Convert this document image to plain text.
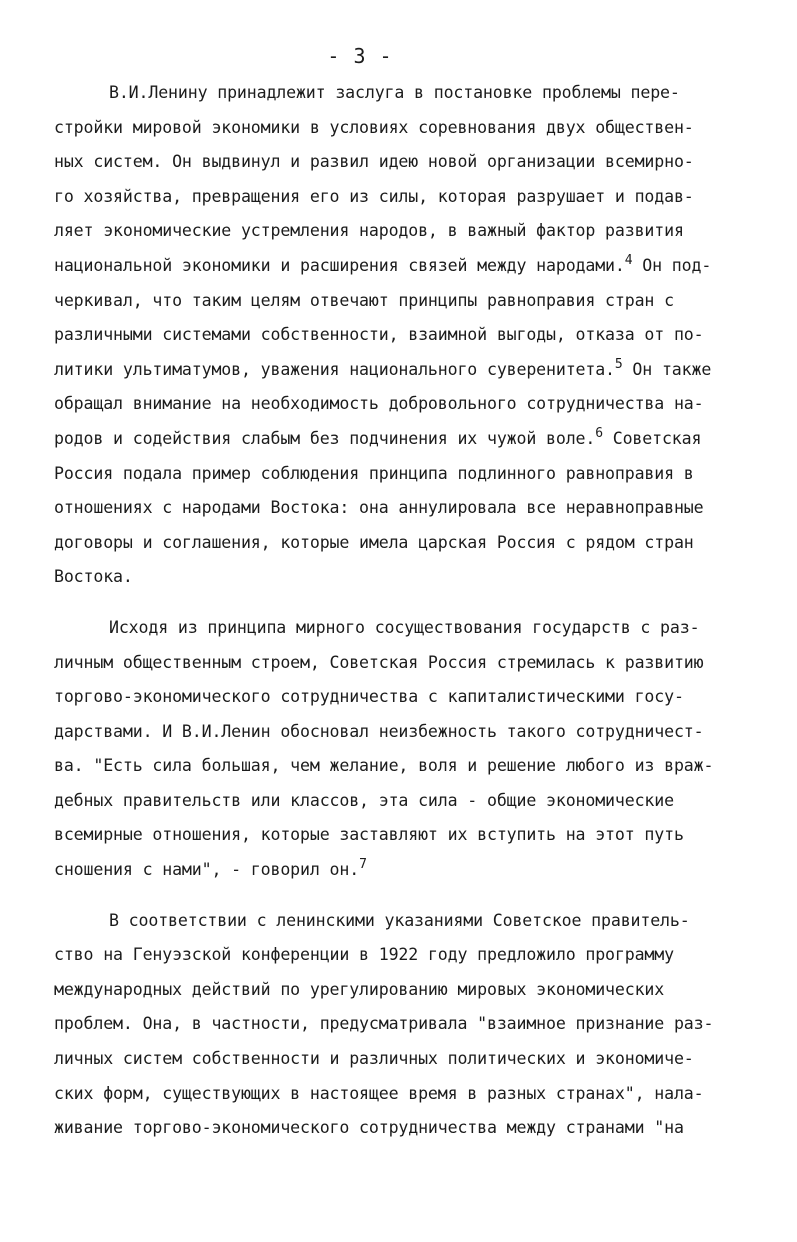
- 3 -
В.И.Ленину принадлежит заслуга в постановке проблемы пере-
стройки мировой экономики в условиях соревнования двух обществен-
ных систем. Он выдвинул и развил идею новой организации всемирно-
го хозяйства, превращения его из силы, которая разрушает и подав-
ляет экономические устремления народов, в важный фактор развития
национальной экономики и расширения связей между народами.$^4$ Он под-
черкивал, что таким целям отвечают принципы равноправия стран с
различными системами собственности, взаимной выгоды, отказа от по-
литики ультиматумов, уважения национального суверенитета.$^5$ Он также
обращал внимание на необходимость добровольного сотрудничества на-
родов и содействия слабым без подчинения их чужой воле.$^6$ Советская
Россия подала пример соблюдения принципа подлинного равноправия в
отношениях с народами Востока: она аннулировала все неравноправные
договоры и соглашения, которые имела царская Россия с рядом стран
Востока.
Исходя из принципа мирного сосуществования государств с раз-
личным общественным строем, Советская Россия стремилась к развитию
торгово-экономического сотрудничества с капиталистическими госу-
дарствами. И В.И.Ленин обосновал неизбежность такого сотрудничест-
ва. "Есть сила большая, чем желание, воля и решение любого из враж-
дебных правительств или классов, эта сила - общие экономические
всемирные отношения, которые заставляют их вступить на этот путь
сношения с нами", - говорил он.$^7$
В соответствии с ленинскими указаниями Советское правитель-
ство на Генуэзской конференции в 1922 году предложило программу
международных действий по урегулированию мировых экономических
проблем. Она, в частности, предусматривала "взаимное признание раз-
личных систем собственности и различных политических и экономиче-
ских форм, существующих в настоящее время в разных странах", нала-
живание торгово-экономического сотрудничества между странами "на
